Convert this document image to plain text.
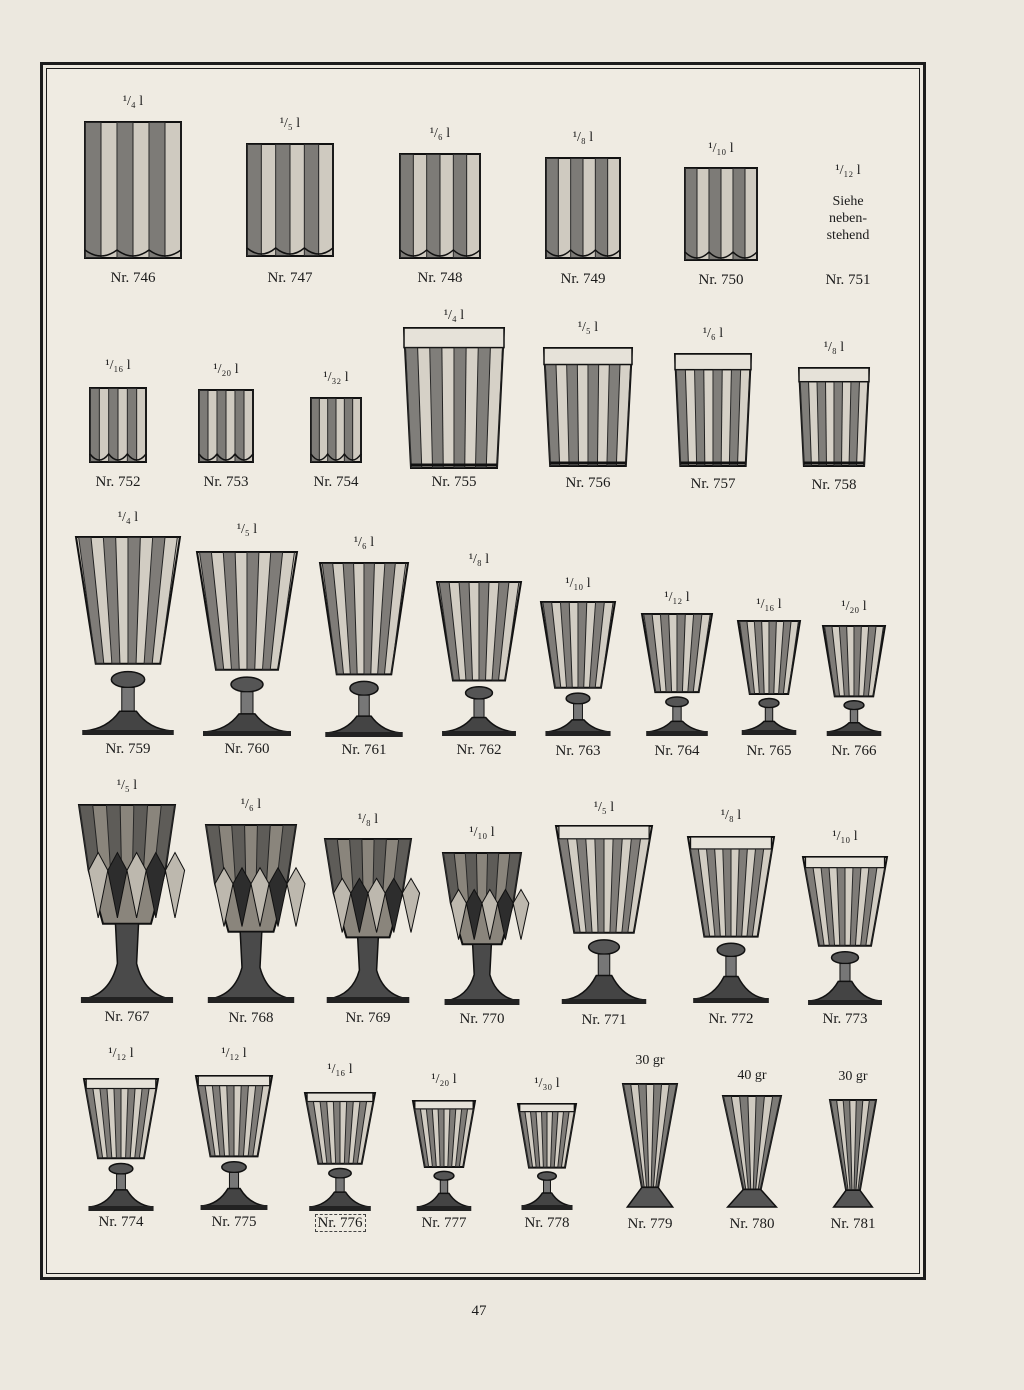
¹/₄ l
Nr. 746
¹/₅ l
Nr. 747
¹/₆ l
Nr. 748
¹/₈ l
Nr. 749
¹/₁₀ l
Nr. 750
¹/₁₂ l
Siehe
neben-
stehend
Nr. 751
¹/₁₆ l
Nr. 752
¹/₂₀ l
Nr. 753
¹/₃₂ l
Nr. 754
¹/₄ l
Nr. 755
¹/₅ l
Nr. 756
¹/₆ l
Nr. 757
¹/₈ l
Nr. 758
¹/₄ l
Nr. 759
¹/₅ l
Nr. 760
¹/₆ l
Nr. 761
¹/₈ l
Nr. 762
¹/₁₀ l
Nr. 763
¹/₁₂ l
Nr. 764
¹/₁₆ l
Nr. 765
¹/₂₀ l
Nr. 766
¹/₅ l
Nr. 767
¹/₆ l
Nr. 768
¹/₈ l
Nr. 769
¹/₁₀ l
Nr. 770
¹/₅ l
Nr. 771
¹/₈ l
Nr. 772
¹/₁₀ l
Nr. 773
¹/₁₂ l
Nr. 774
¹/₁₂ l
Nr. 775
¹/₁₆ l
Nr. 776
¹/₂₀ l
Nr. 777
¹/₃₀ l
Nr. 778
30 gr
Nr. 779
40 gr
Nr. 780
30 gr
Nr. 781
47
